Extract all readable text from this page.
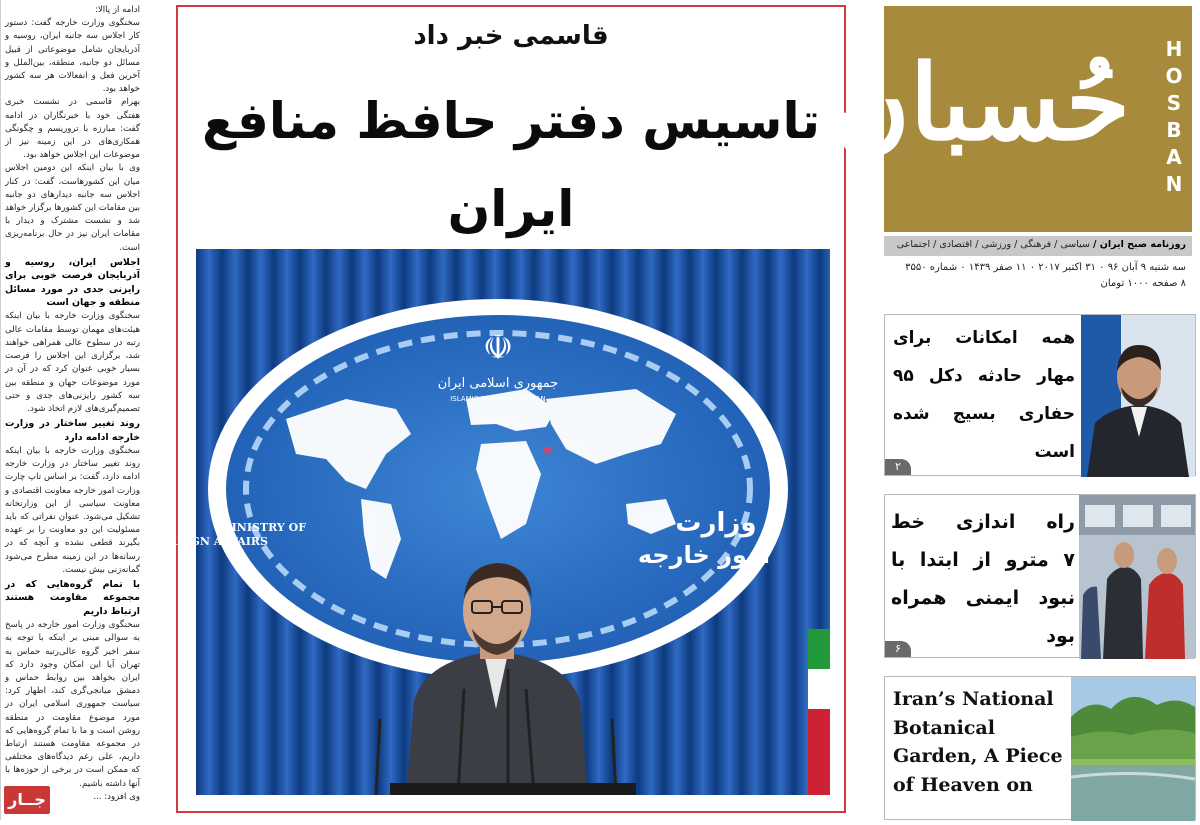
ادامه از پاالا:

سخنگوی وزارت خارجه گفت: دستور کار اجلاس سه جانبه ایران، روسیه و آذربایجان شامل موضوعاتی از قبیل مسائل دو جانبه، منطقه، بین‌الملل و آخرین فعل و انفعالات هر سه کشور خواهد بود.

بهرام قاسمی در نشست خبری هفتگی خود با خبرنگاران در ادامه گفت: مبارزه با تروریسم و چگونگی همکاری‌های در این زمینه نیز از موضوعات این اجلاس خواهد بود.

وی با بیان اینکه این دومین اجلاس میان این کشورهاست، گفت: در کنار اجلاس سه جانبه دیدارهای دو جانبه بین مقامات این کشورها برگزار خواهد شد و نشست مشترک و دیدار با مقامات ایران نیز در حال برنامه‌ریزی است.

اجلاس ایران، روسیه و آذربایجان فرصت خوبی برای رایزنی جدی در مورد مسائل منطقه و جهان است

سخنگوی وزارت خارجه با بیان اینکه هیئت‌های مهمان توسط مقامات عالی رتبه در سطوح عالی همراهی خواهند شد، برگزاری این اجلاس را فرصت بسیار خوبی عنوان کرد که در آن در مورد موضوعات جهان و منطقه بین سه کشور رایزنی‌های جدی و حتی تصمیم‌گیری‌های لازم اتخاذ شود.

روند تغییر ساختار در وزارت خارجه ادامه دارد

سخنگوی وزارت خارجه با بیان اینکه روند تغییر ساختار در وزارت خارجه ادامه دارد، گفت: بر اساس تاپ چارت وزارت امور خارجه معاونت اقتصادی و معاونت سیاسی از این وزارتخانه تشکیل می‌شود. عنوان نفراتی که باید مسئولیت این دو معاونت را بر عهده بگیرند قطعی نشده و آنچه که در رسانه‌ها در این زمینه مطرح می‌شود گمانه‌زنی بیش نیست.

با تمام گروه‌هایی که در مجموعه مقاومت هستند ارتباط داریم

سخنگوی وزارت امور خارجه در پاسخ به سوالی مبنی بر اینکه با توجه به سفر اخیر گروه عالی‌رتبه حماس به تهران آیا این امکان وجود دارد که ایران بخواهد بین روابط حماس و دمشق میانجی‌گری کند، اظهار کرد: سیاست جمهوری اسلامی ایران در مورد موضوع مقاومت در منطقه روشن است و ما با تمام گروه‌هایی که در مجموعه مقاومت هستند ارتباط داریم، علی رغم دیدگاه‌های مختلفی که ممکن است در برخی از حوزه‌ها با آنها داشته باشیم.

وی افزود: ...

جــار
قاسمی خبر داد
تاسیس دفتر حافظ منافع ایران
☫
جمهوری اسلامی ایران
ISLAMIC REPUBLIC OF IRAN
MINISTRY OF
FOREIGN AFFAIRS
وزارت
امور خارجه
حُسبان H
O
S
B
A
N
روزنامه صبح ایران / سیاسی / فرهنگی / ورزشی / اقتصادی / اجتماعی
سه شنبه ۹ آبان ۹۶ ۰ ۳۱ اکتبر ۲۰۱۷ ۰ ۱۱ صفر ۱۴۳۹ ۰ شماره ۳۵۵۰
۸ صفحه ۱۰۰۰ تومان
همه امکانات برای
مهار حادثه دکل ۹۵
حفاری بسیج شده
است
۲
راه اندازی خط
۷ مترو از ابتدا با
نبود ایمنی همراه
بود
۶
Iran’s National
Botanical
Garden, A Piece
of Heaven on
